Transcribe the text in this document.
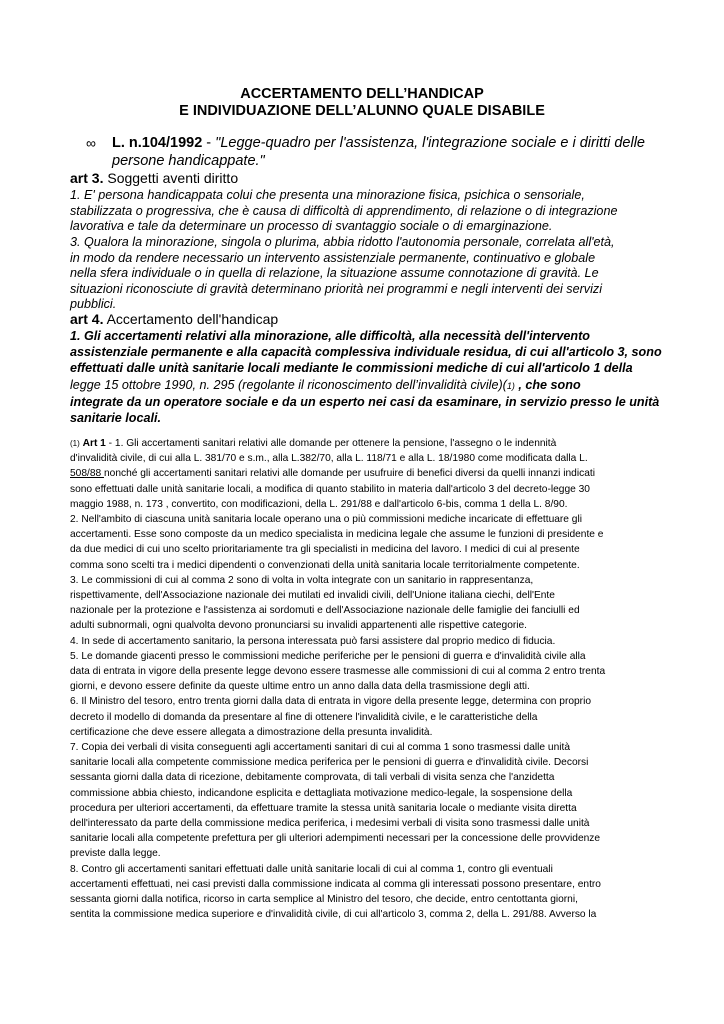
ACCERTAMENTO DELL’HANDICAP
E INDIVIDUAZIONE DELL’ALUNNO QUALE DISABILE
∞ L. n.104/1992 - "Legge-quadro per l'assistenza, l'integrazione sociale e i diritti delle
persone handicappate."
art 3. Soggetti aventi diritto
1. E' persona handicappata colui che presenta una minorazione fisica, psichica o sensoriale,
stabilizzata o progressiva, che è causa di difficoltà di apprendimento, di relazione o di integrazione
lavorativa e tale da determinare un processo di svantaggio sociale o di emarginazione.
3. Qualora la minorazione, singola o plurima, abbia ridotto l'autonomia personale, correlata all'età,
in modo da rendere necessario un intervento assistenziale permanente, continuativo e globale
nella sfera individuale o in quella di relazione, la situazione assume connotazione di gravità. Le
situazioni riconosciute di gravità determinano priorità nei programmi e negli interventi dei servizi
pubblici.
art 4. Accertamento dell'handicap
1. Gli accertamenti relativi alla minorazione, alle difficoltà, alla necessità dell'intervento
assistenziale permanente e alla capacità complessiva individuale residua, di cui all'articolo 3, sono
effettuati dalle unità sanitarie locali mediante le commissioni mediche di cui all'articolo 1 della
legge 15 ottobre 1990, n. 295 (regolante il riconoscimento dell’invalidità civile)(1) , che sono
integrate da un operatore sociale e da un esperto nei casi da esaminare, in servizio presso le unità
sanitarie locali.

(1) Art 1 - 1. Gli accertamenti sanitari relativi alle domande per ottenere la pensione, l'assegno o le indennità

d'invalidità civile, di cui alla L. 381/70 e s.m., alla L.382/70, alla L. 118/71 e alla L. 18/1980 come modificata dalla L.

508/88 nonché gli accertamenti sanitari relativi alle domande per usufruire di benefici diversi da quelli innanzi indicati

sono effettuati dalle unità sanitarie locali, a modifica di quanto stabilito in materia dall'articolo 3 del decreto-legge 30

maggio 1988, n. 173 , convertito, con modificazioni, della L. 291/88 e dall'articolo 6-bis, comma 1 della L. 8/90.

2. Nell'ambito di ciascuna unità sanitaria locale operano una o più commissioni mediche incaricate di effettuare gli

accertamenti. Esse sono composte da un medico specialista in medicina legale che assume le funzioni di presidente e

da due medici di cui uno scelto prioritariamente tra gli specialisti in medicina del lavoro. I medici di cui al presente

comma sono scelti tra i medici dipendenti o convenzionati della unità sanitaria locale territorialmente competente.

3. Le commissioni di cui al comma 2 sono di volta in volta integrate con un sanitario in rappresentanza,

rispettivamente, dell'Associazione nazionale dei mutilati ed invalidi civili, dell'Unione italiana ciechi, dell'Ente

nazionale per la protezione e l'assistenza ai sordomuti e dell'Associazione nazionale delle famiglie dei fanciulli ed

adulti subnormali, ogni qualvolta devono pronunciarsi su invalidi appartenenti alle rispettive categorie.

4. In sede di accertamento sanitario, la persona interessata può farsi assistere dal proprio medico di fiducia.

5. Le domande giacenti presso le commissioni mediche periferiche per le pensioni di guerra e d'invalidità civile alla

data di entrata in vigore della presente legge devono essere trasmesse alle commissioni di cui al comma 2 entro trenta

giorni, e devono essere definite da queste ultime entro un anno dalla data della trasmissione degli atti.

6. Il Ministro del tesoro, entro trenta giorni dalla data di entrata in vigore della presente legge, determina con proprio

decreto il modello di domanda da presentare al fine di ottenere l'invalidità civile, e le caratteristiche della

certificazione che deve essere allegata a dimostrazione della presunta invalidità.

7. Copia dei verbali di visita conseguenti agli accertamenti sanitari di cui al comma 1 sono trasmessi dalle unità

sanitarie locali alla competente commissione medica periferica per le pensioni di guerra e d'invalidità civile. Decorsi

sessanta giorni dalla data di ricezione, debitamente comprovata, di tali verbali di visita senza che l'anzidetta

commissione abbia chiesto, indicandone esplicita e dettagliata motivazione medico-legale, la sospensione della

procedura per ulteriori accertamenti, da effettuare tramite la stessa unità sanitaria locale o mediante visita diretta

dell'interessato da parte della commissione medica periferica, i medesimi verbali di visita sono trasmessi dalle unità

sanitarie locali alla competente prefettura per gli ulteriori adempimenti necessari per la concessione delle provvidenze

previste dalla legge.

8. Contro gli accertamenti sanitari effettuati dalle unità sanitarie locali di cui al comma 1, contro gli eventuali

accertamenti effettuati, nei casi previsti dalla commissione indicata al comma gli interessati possono presentare, entro

sessanta giorni dalla notifica, ricorso in carta semplice al Ministro del tesoro, che decide, entro centottanta giorni,

sentita la commissione medica superiore e d'invalidità civile, di cui all'articolo 3, comma 2, della L. 291/88. Avverso la
